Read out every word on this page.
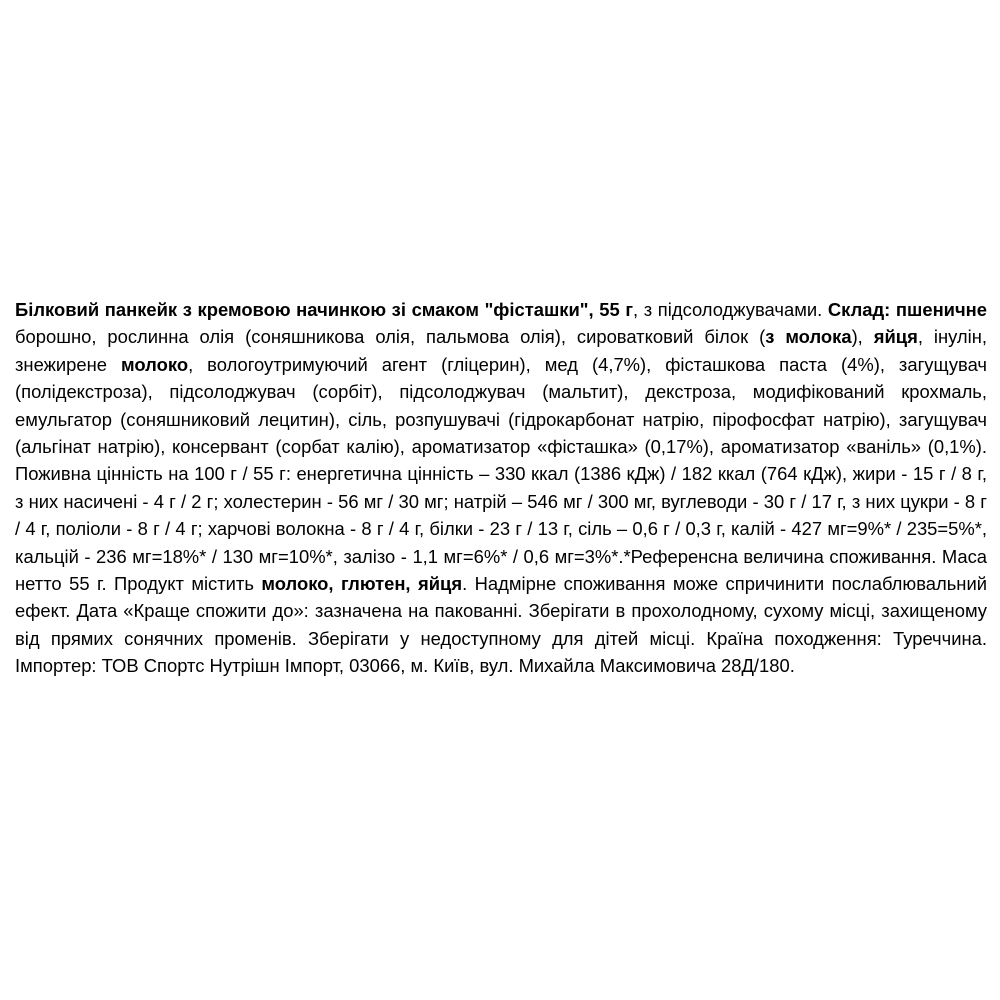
Білковий панкейк з кремовою начинкою зі смаком "фісташки", 55 г, з підсолоджувачами. Склад: пшеничне борошно, рослинна олія (соняшникова олія, пальмова олія), сироватковий білок (з молока), яйця, інулін, знежирене молоко, вологоутримуючий агент (гліцерин), мед (4,7%), фісташкова паста (4%), загущувач (полідекстроза), підсолоджувач (сорбіт), підсолоджувач (мальтит), декстроза, модифікований крохмаль, емульгатор (соняшниковий лецитин), сіль, розпушувачі (гідрокарбонат натрію, пірофосфат натрію), загущувач (альгінат натрію), консервант (сорбат калію), ароматизатор «фісташка» (0,17%), ароматизатор «ваніль» (0,1%). Поживна цінність на 100 г / 55 г: енергетична цінність – 330 ккал (1386 кДж) / 182 ккал (764 кДж), жири - 15 г / 8 г, з них насичені - 4 г / 2 г; холестерин - 56 мг / 30 мг; натрій – 546 мг / 300 мг, вуглеводи - 30 г / 17 г, з них цукри - 8 г / 4 г, поліоли - 8 г / 4 г; харчові волокна - 8 г / 4 г, білки - 23 г / 13 г, сіль – 0,6 г / 0,3 г, калій - 427 мг=9%* / 235=5%*, кальцій - 236 мг=18%* / 130 мг=10%*, залізо - 1,1 мг=6%* / 0,6 мг=3%*.*Референсна величина споживання. Маса нетто 55 г. Продукт містить молоко, глютен, яйця. Надмірне споживання може спричинити послаблювальний ефект. Дата «Краще спожити до»: зазначена на пакованні. Зберігати в прохолодному, сухому місці, захищеному від прямих сонячних променів. Зберігати у недоступному для дітей місці. Країна походження: Туреччина. Імпортер: ТОВ Спортс Нутрішн Імпорт, 03066, м. Київ, вул. Михайла Максимовича 28Д/180.
